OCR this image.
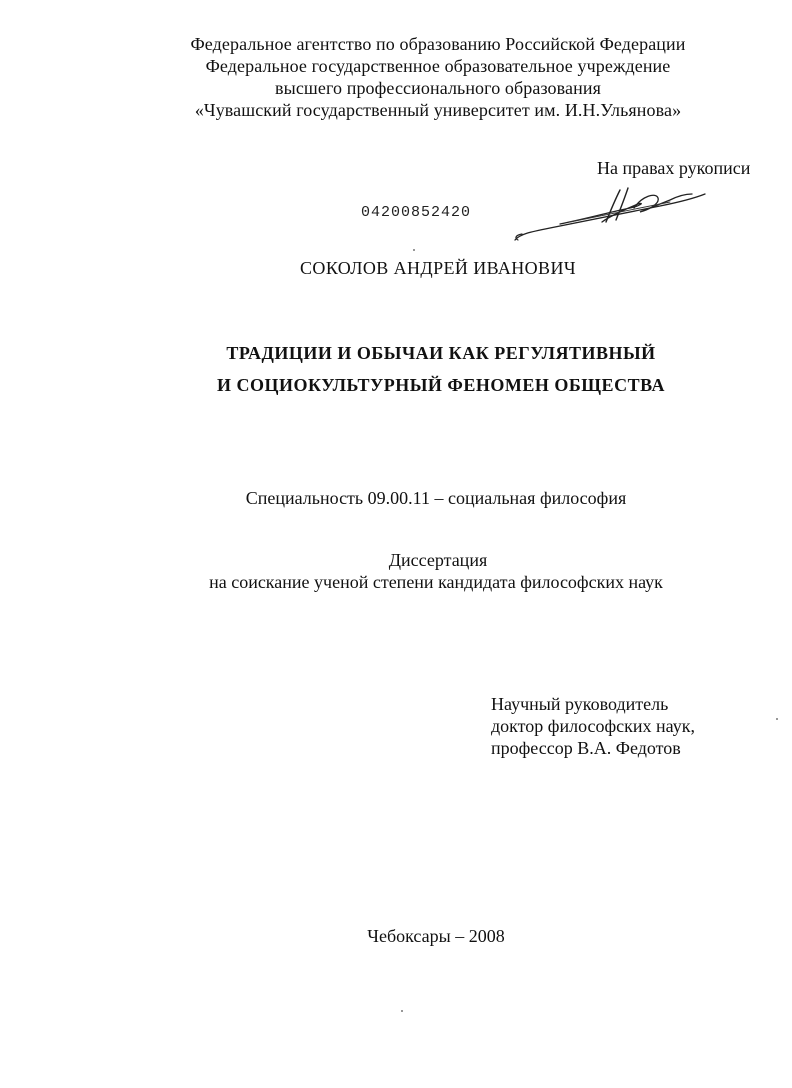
Федеральное агентство по образованию Российской Федерации
Федеральное государственное образовательное учреждение
высшего профессионального образования
«Чувашский государственный университет им. И.Н.Ульянова»
На правах рукописи
04200852420
СОКОЛОВ АНДРЕЙ ИВАНОВИЧ
ТРАДИЦИИ И ОБЫЧАИ КАК РЕГУЛЯТИВНЫЙ
И СОЦИОКУЛЬТУРНЫЙ ФЕНОМЕН ОБЩЕСТВА
Специальность 09.00.11 – социальная философия
Диссертация
на соискание ученой степени кандидата философских наук
Научный руководитель
доктор философских наук,
профессор В.А. Федотов
Чебоксары – 2008
